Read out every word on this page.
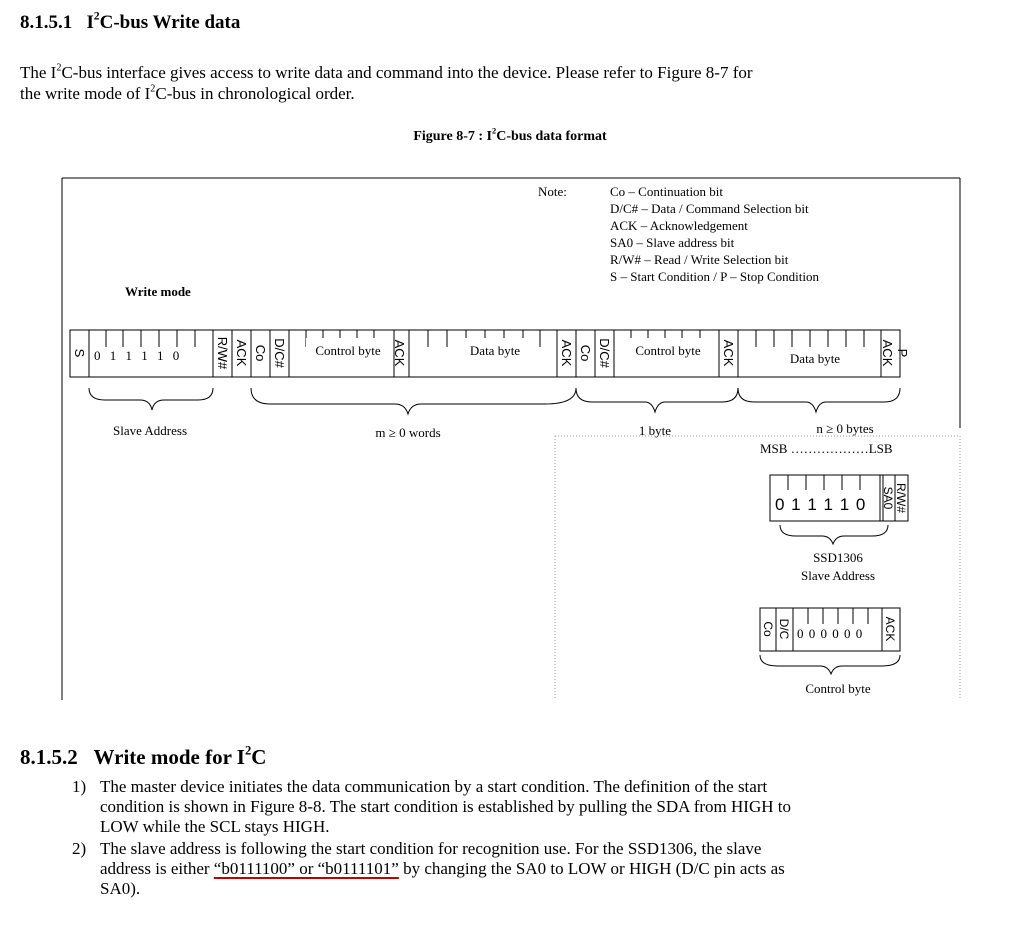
8.1.5.1 $I^2C$-bus Write data

The $I^2C$-bus interface gives access to write data and command into the device. Please refer to Figure 8-7 for
the write mode of $I^2C$-bus in chronological order.

Figure 8-7 : $I^2C$-bus data format
Note:	Co – Continuation bit
D/C# – Data / Command Selection bit
ACK – Acknowledgement
SA0 – Slave address bit
R/W# – Read / Write Selection bit
S – Start Condition / P – Stop Condition
Write mode
S	R/W# ACK Co D/C#	ACK	ACK Co D/C#	ACK	ACK P
0 1 1 1 1 0	Control byte	Data byte	Control byte
Data byte
Slave Address	m ≥ 0 words	1 byte	n ≥ 0 bytes
MSB ………………LSB
0 1 1 1 1 0 SA0 R/W#
SSD1306
Slave Address
Co D/C 0 0 0 0 0 0 ACK
Control byte
8.1.5.2 Write mode for $I^2C$
1) The master device initiates the data communication by a start condition. The definition of the start
condition is shown in Figure 8-8. The start condition is established by pulling the SDA from HIGH to
LOW while the SCL stays HIGH.
2) The slave address is following the start condition for recognition use. For the SSD1306, the slave
address is either “b0111100” or “b0111101” by changing the SA0 to LOW or HIGH (D/C pin acts as
SA0).
